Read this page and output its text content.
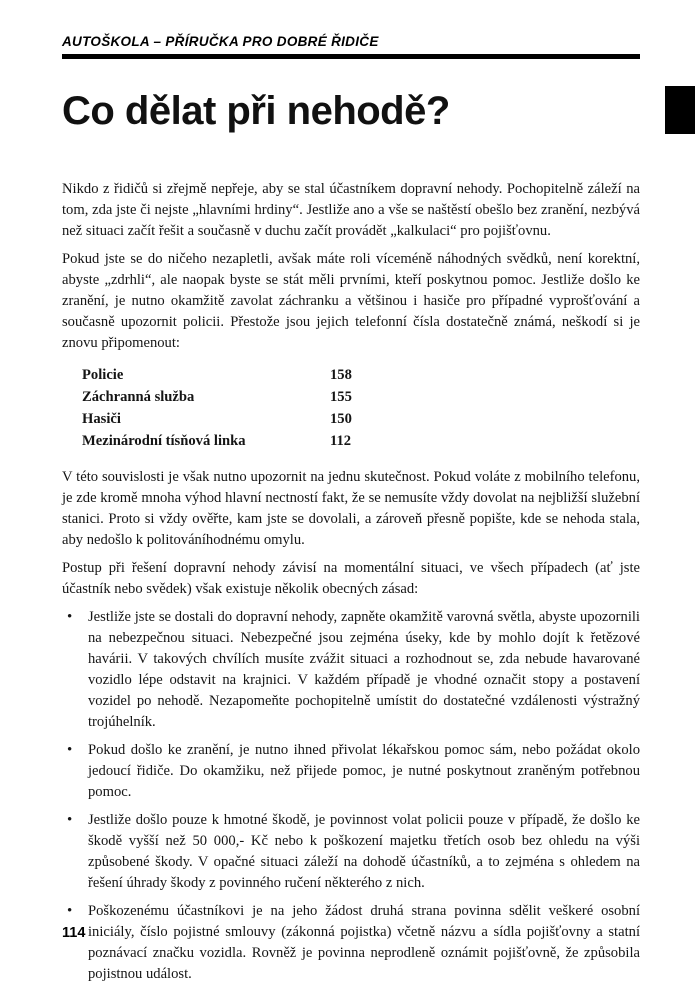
AUTOŠKOLA – PŘÍRUČKA PRO DOBRÉ ŘIDIČE
Co dělat při nehodě?

Nikdo z řidičů si zřejmě nepřeje, aby se stal účastníkem dopravní nehody. Pochopitelně záleží na tom, zda jste či nejste „hlavními hrdiny“. Jestliže ano a vše se naštěstí obešlo bez zranění, nezbývá než situaci začít řešit a současně v duchu začít provádět „kalkulaci“ pro pojišťovnu.

Pokud jste se do ničeho nezapletli, avšak máte roli víceméně náhodných svědků, není korektní, abyste „zdrhli“, ale naopak byste se stát měli prvními, kteří poskytnou pomoc. Jestliže došlo ke zranění, je nutno okamžitě zavolat záchranku a většinou i hasiče pro případné vyprošťování a současně upozornit policii. Přestože jsou jejich telefonní čísla dostatečně známá, neškodí si je znovu připomenout:

Policie	158
Záchranná služba	155
Hasiči	150
Mezinárodní tísňová linka	112

V této souvislosti je však nutno upozornit na jednu skutečnost. Pokud voláte z mobilního telefonu, je zde kromě mnoha výhod hlavní nectností fakt, že se nemusíte vždy dovolat na nejbližší služební stanici. Proto si vždy ověřte, kam jste se dovolali, a zároveň přesně popište, kde se nehoda stala, aby nedošlo k politováníhodnému omylu.

Postup při řešení dopravní nehody závisí na momentální situaci, ve všech případech (ať jste účastník nebo svědek) však existuje několik obecných zásad:

• Jestliže jste se dostali do dopravní nehody, zapněte okamžitě varovná světla, abyste upozornili na nebezpečnou situaci. Nebezpečné jsou zejména úseky, kde by mohlo dojít k řetězové havárii. V takových chvílích musíte zvážit situaci a rozhodnout se, zda nebude havarované vozidlo lépe odstavit na krajnici. V každém případě je vhodné označit stopy a postavení vozidel po nehodě. Nezapomeňte pochopitelně umístit do dostatečné vzdálenosti výstražný trojúhelník.
• Pokud došlo ke zranění, je nutno ihned přivolat lékařskou pomoc sám, nebo požádat okolo jedoucí řidiče. Do okamžiku, než přijede pomoc, je nutné poskytnout zraněným potřebnou pomoc.
• Jestliže došlo pouze k hmotné škodě, je povinnost volat policii pouze v případě, že došlo ke škodě vyšší než 50 000,- Kč nebo k poškození majetku třetích osob bez ohledu na výši způsobené škody. V opačné situaci záleží na dohodě účastníků, a to zejména s ohledem na řešení úhrady škody z povinného ručení některého z nich.
• Poškozenému účastníkovi je na jeho žádost druhá strana povinna sdělit veškeré osobní iniciály, číslo pojistné smlouvy (zákonná pojistka) včetně názvu a sídla pojišťovny a statní poznávací značku vozidla. Rovněž je povinna neprodleně oznámit pojišťovně, že způsobila pojistnou událost.
114
